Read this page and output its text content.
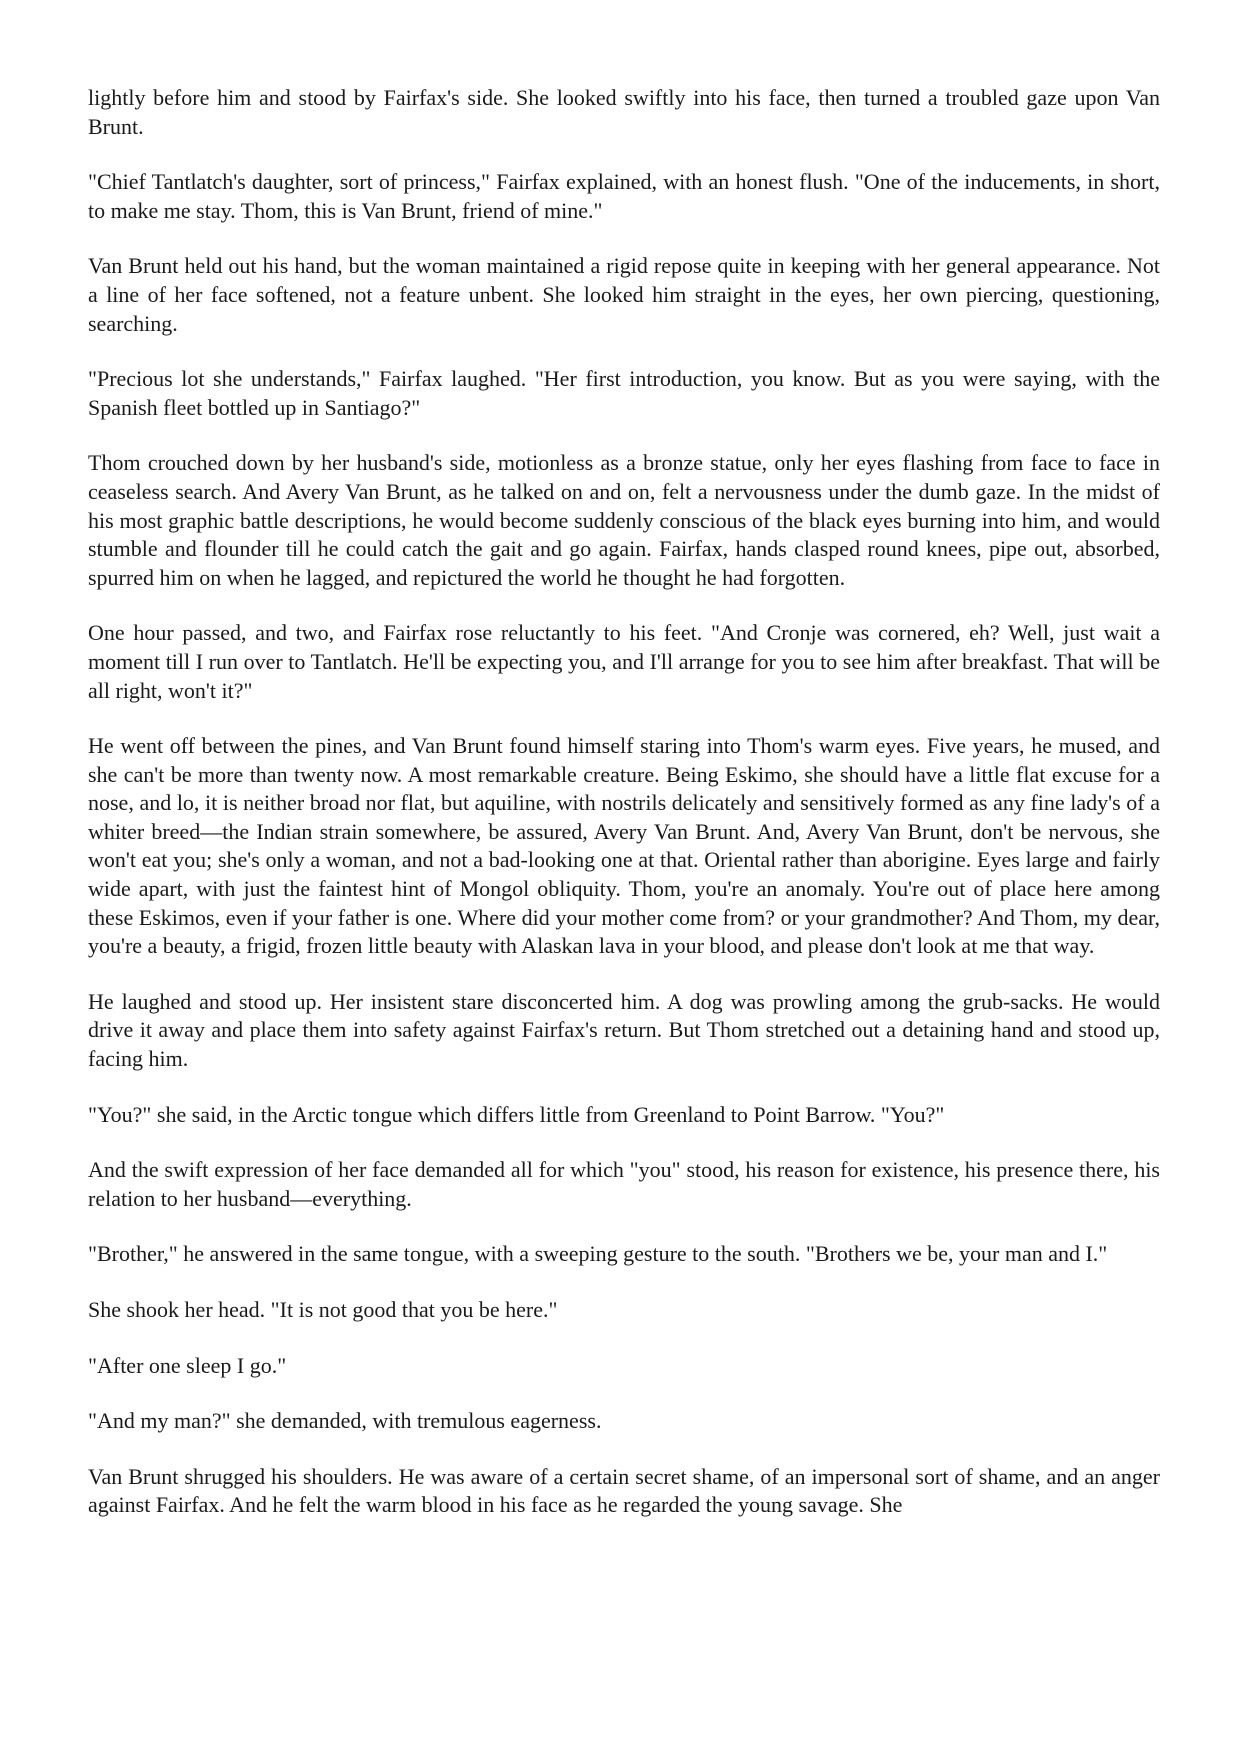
lightly before him and stood by Fairfax's side. She looked swiftly into his face, then turned a troubled gaze upon Van Brunt.

"Chief Tantlatch's daughter, sort of princess," Fairfax explained, with an honest flush. "One of the inducements, in short, to make me stay. Thom, this is Van Brunt, friend of mine."

Van Brunt held out his hand, but the woman maintained a rigid repose quite in keeping with her general appearance. Not a line of her face softened, not a feature unbent. She looked him straight in the eyes, her own piercing, questioning, searching.

"Precious lot she understands," Fairfax laughed. "Her first introduction, you know. But as you were saying, with the Spanish fleet bottled up in Santiago?"

Thom crouched down by her husband's side, motionless as a bronze statue, only her eyes flashing from face to face in ceaseless search. And Avery Van Brunt, as he talked on and on, felt a nervousness under the dumb gaze. In the midst of his most graphic battle descriptions, he would become suddenly conscious of the black eyes burning into him, and would stumble and flounder till he could catch the gait and go again. Fairfax, hands clasped round knees, pipe out, absorbed, spurred him on when he lagged, and repictured the world he thought he had forgotten.

One hour passed, and two, and Fairfax rose reluctantly to his feet. "And Cronje was cornered, eh? Well, just wait a moment till I run over to Tantlatch. He'll be expecting you, and I'll arrange for you to see him after breakfast. That will be all right, won't it?"

He went off between the pines, and Van Brunt found himself staring into Thom's warm eyes. Five years, he mused, and she can't be more than twenty now. A most remarkable creature. Being Eskimo, she should have a little flat excuse for a nose, and lo, it is neither broad nor flat, but aquiline, with nostrils delicately and sensitively formed as any fine lady's of a whiter breed—the Indian strain somewhere, be assured, Avery Van Brunt. And, Avery Van Brunt, don't be nervous, she won't eat you; she's only a woman, and not a bad-looking one at that. Oriental rather than aborigine. Eyes large and fairly wide apart, with just the faintest hint of Mongol obliquity. Thom, you're an anomaly. You're out of place here among these Eskimos, even if your father is one. Where did your mother come from? or your grandmother? And Thom, my dear, you're a beauty, a frigid, frozen little beauty with Alaskan lava in your blood, and please don't look at me that way.

He laughed and stood up. Her insistent stare disconcerted him. A dog was prowling among the grub-sacks. He would drive it away and place them into safety against Fairfax's return. But Thom stretched out a detaining hand and stood up, facing him.

"You?" she said, in the Arctic tongue which differs little from Greenland to Point Barrow. "You?"

And the swift expression of her face demanded all for which "you" stood, his reason for existence, his presence there, his relation to her husband—everything.

"Brother," he answered in the same tongue, with a sweeping gesture to the south. "Brothers we be, your man and I."

She shook her head. "It is not good that you be here."

"After one sleep I go."

"And my man?" she demanded, with tremulous eagerness.

Van Brunt shrugged his shoulders. He was aware of a certain secret shame, of an impersonal sort of shame, and an anger against Fairfax. And he felt the warm blood in his face as he regarded the young savage. She
